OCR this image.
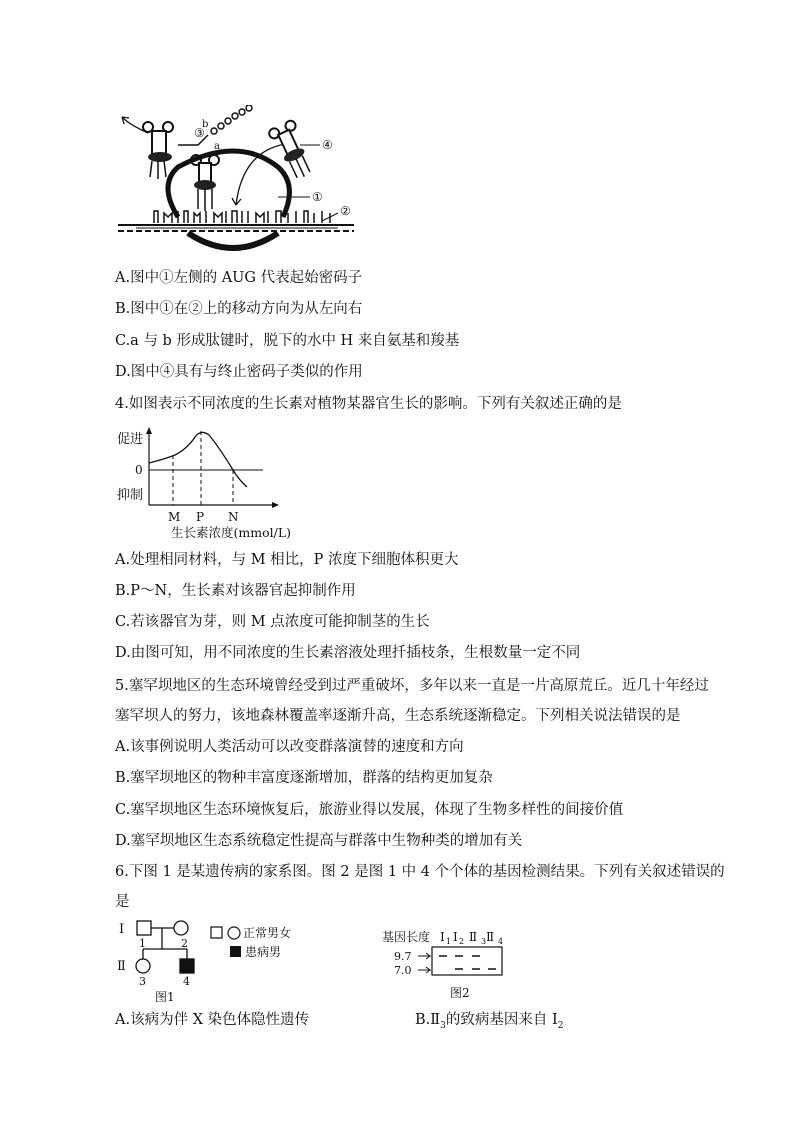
b
a
③
④
①
②
A.图中①左侧的 AUG 代表起始密码子
B.图中①在②上的移动方向为从左向右
C.a 与 b 形成肽键时，脱下的水中 H 来自氨基和羧基
D.图中④具有与终止密码子类似的作用
4.如图表示不同浓度的生长素对植物某器官生长的影响。下列有关叙述正确的是
促进
0
抑制
M P N
生长素浓度(mmol/L)
A.处理相同材料，与 M 相比，P 浓度下细胞体积更大
B.P～N，生长素对该器官起抑制作用
C.若该器官为芽，则 M 点浓度可能抑制茎的生长
D.由图可知，用不同浓度的生长素溶液处理扦插枝条，生根数量一定不同
5.塞罕坝地区的生态环境曾经受到过严重破坏，多年以来一直是一片高原荒丘。近几十年经过
塞罕坝人的努力，该地森林覆盖率逐渐升高，生态系统逐渐稳定。下列相关说法错误的是
A.该事例说明人类活动可以改变群落演替的速度和方向
B.塞罕坝地区的物种丰富度逐渐增加，群落的结构更加复杂
C.塞罕坝地区生态环境恢复后，旅游业得以发展，体现了生物多样性的间接价值
D.塞罕坝地区生态系统稳定性提高与群落中生物种类的增加有关
6.下图 1 是某遗传病的家系图。图 2 是图 1 中 4 个个体的基因检测结果。下列有关叙述错误的
是
Ⅰ
Ⅱ
1	2
3	4
图1
正常男女
患病男
基因长度 Ⅰ 1 Ⅰ 2 Ⅱ 3 Ⅱ 4
9.7
7.0
图2
A.该病为伴 X 染色体隐性遗传	$B.Ⅱ_3$的致病基因来自 $Ⅰ_2$
